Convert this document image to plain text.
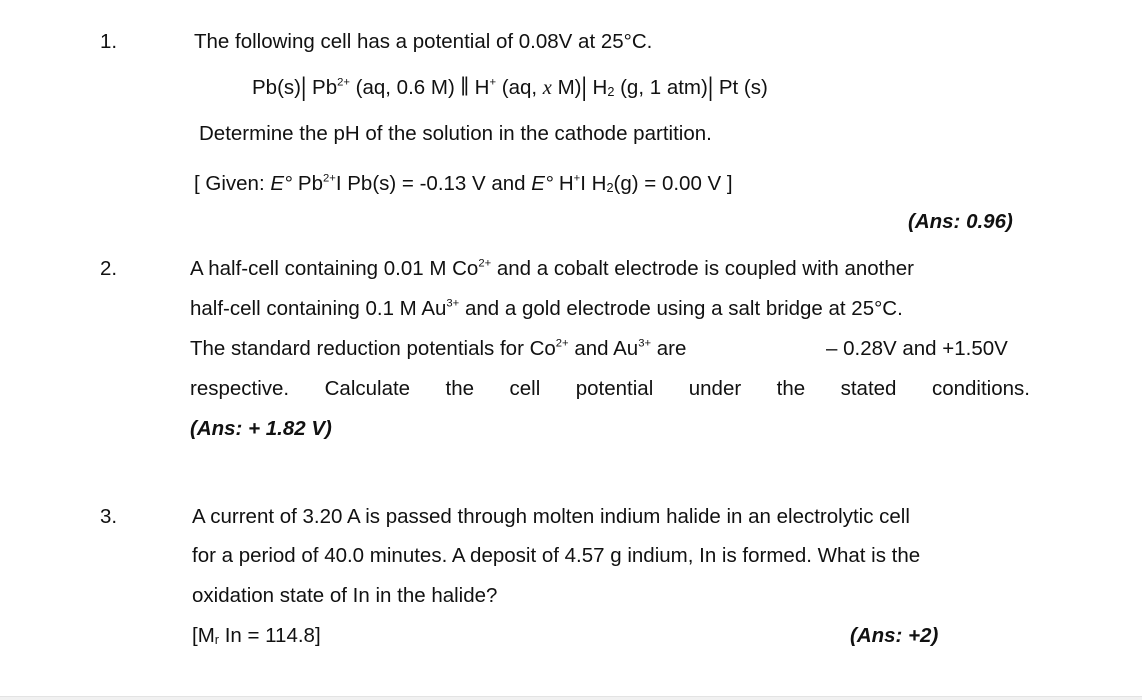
1.	The following cell has a potential of 0.08V at 25°C.
Pb(s)| $Pb^{2+}$ (aq, 0.6 M) ‖ H+ (aq, x M)| $H_2$ (g, 1 atm)| Pt (s)
Determine the pH of the solution in the cathode partition.
[ Given: E° $Pb^{2+}I$ Pb(s) = -0.13 V and E° H+I $H_2(g) = 0.00$ V ]
(Ans: 0.96)
2.	A half-cell containing 0.01 M $Co^{2+}$ and a cobalt electrode is coupled with another
half-cell containing 0.1 M $Au^{3+}$ and a gold electrode using a salt bridge at 25°C.
The standard reduction potentials for $Co^{2+}$ and $Au^{3+}$ are	– 0.28V and +1.50V
respective. Calculate the cell potential under the stated conditions.
(Ans: + 1.82 V)
3.	A current of 3.20 A is passed through molten indium halide in an electrolytic cell
for a period of 40.0 minutes. A deposit of 4.57 g indium, In is formed. What is the
oxidation state of In in the halide?
[$M_r$ In = 114.8]	(Ans: +2)
